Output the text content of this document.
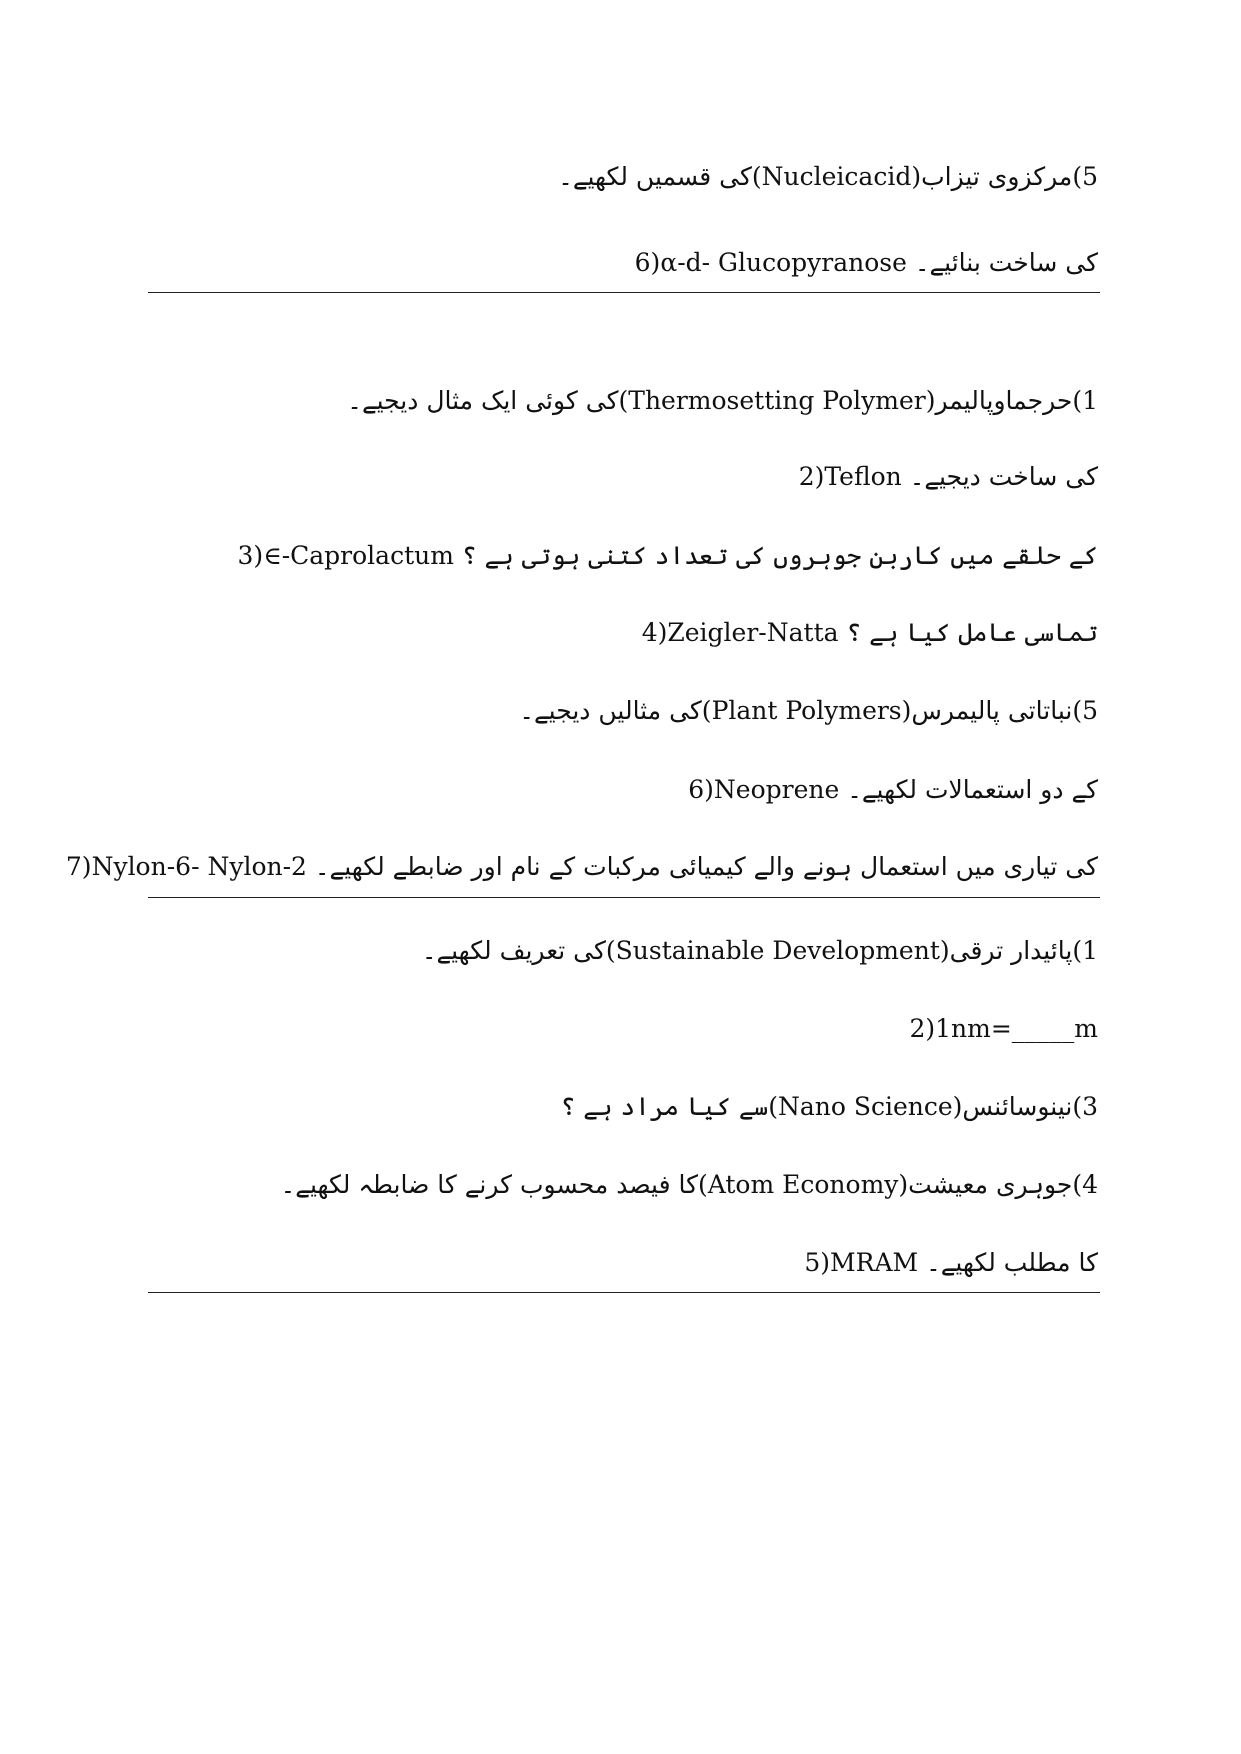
5)مرکزوی تیزاب(Nucleicacid)کی قسمیں لکھیے۔
6)α-d- Glucopyranose کی ساخت بنائیے۔
1)حرجماوپالیمر(Thermosetting Polymer)کی کوئی ایک مثال دیجیے۔
2)Teflon کی ساخت دیجیے۔
3)∈-Caprolactum کے حلقے میں کاربن جوہروں کی تعداد کتنی ہوتی ہے ؟
4)Zeigler-Natta تماسی عامل کیا ہے ؟
5)نباتاتی پالیمرس(Plant Polymers)کی مثالیں دیجیے۔
6)Neoprene کے دو استعمالات لکھیے۔
7)Nylon-6- Nylon-2 کی تیاری میں استعمال ہونے والے کیمیائی مرکبات کے نام اور ضابطے لکھیے۔
1)پائیدار ترقی(Sustainable Development)کی تعریف لکھیے۔
2)1nm=_____m
3)نینوسائنس(Nano Science)سے کیا مراد ہے ؟
4)جوہری معیشت(Atom Economy)کا فیصد محسوب کرنے کا ضابطہ لکھیے۔
5)MRAM کا مطلب لکھیے۔
